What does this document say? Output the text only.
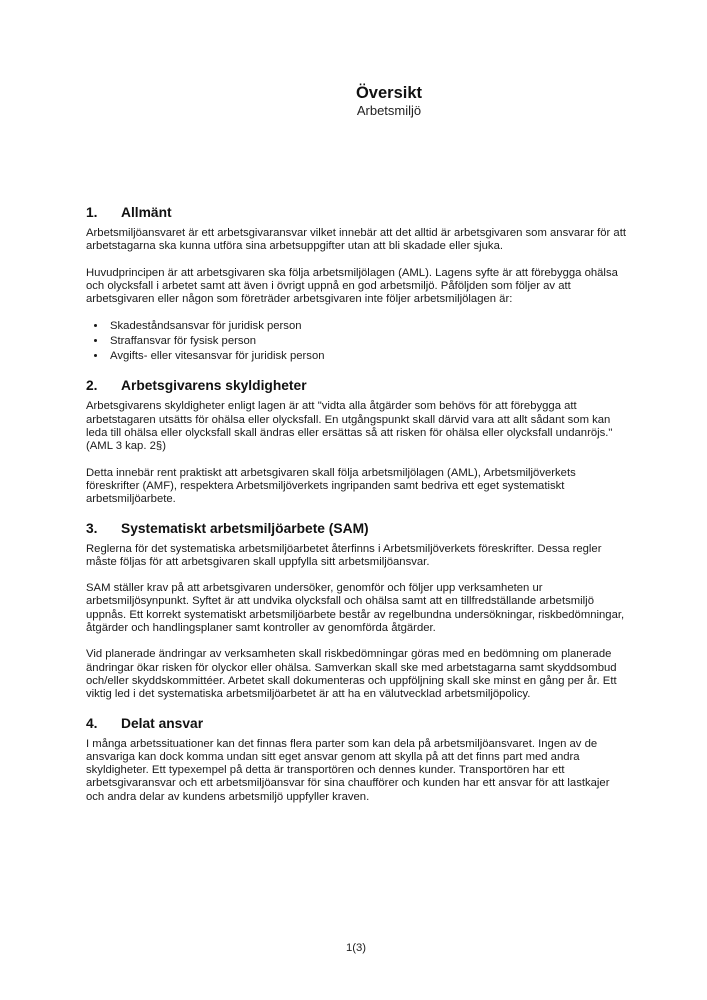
Översikt
Arbetsmiljö
1. Allmänt

Arbetsmiljöansvaret är ett arbetsgivaransvar vilket innebär att det alltid är arbetsgivaren som ansvarar för att arbetstagarna ska kunna utföra sina arbetsuppgifter utan att bli skadade eller sjuka.

Huvudprincipen är att arbetsgivaren ska följa arbetsmiljölagen (AML). Lagens syfte är att förebygga ohälsa och olycksfall i arbetet samt att även i övrigt uppnå en god arbetsmiljö. Påföljden som följer av att arbetsgivaren eller någon som företräder arbetsgivaren inte följer arbetsmiljölagen är:

• Skadeståndsansvar för juridisk person
• Straffansvar för fysisk person
• Avgifts- eller vitesansvar för juridisk person
2. Arbetsgivarens skyldigheter

Arbetsgivarens skyldigheter enligt lagen är att "vidta alla åtgärder som behövs för att förebygga att arbetstagaren utsätts för ohälsa eller olycksfall. En utgångspunkt skall därvid vara att allt sådant som kan leda till ohälsa eller olycksfall skall ändras eller ersättas så att risken för ohälsa eller olycksfall undanröjs." (AML 3 kap. 2§)

Detta innebär rent praktiskt att arbetsgivaren skall följa arbetsmiljölagen (AML), Arbetsmiljöverkets föreskrifter (AMF), respektera Arbetsmiljöverkets ingripanden samt bedriva ett eget systematiskt arbetsmiljöarbete.

3. Systematiskt arbetsmiljöarbete (SAM)

Reglerna för det systematiska arbetsmiljöarbetet återfinns i Arbetsmiljöverkets föreskrifter. Dessa regler måste följas för att arbetsgivaren skall uppfylla sitt arbetsmiljöansvar.

SAM ställer krav på att arbetsgivaren undersöker, genomför och följer upp verksamheten ur arbetsmiljösynpunkt. Syftet är att undvika olycksfall och ohälsa samt att en tillfredställande arbetsmiljö uppnås. Ett korrekt systematiskt arbetsmiljöarbete består av regelbundna undersökningar, riskbedömningar, åtgärder och handlingsplaner samt kontroller av genomförda åtgärder.

Vid planerade ändringar av verksamheten skall riskbedömningar göras med en bedömning om planerade ändringar ökar risken för olyckor eller ohälsa. Samverkan skall ske med arbetstagarna samt skyddsombud och/eller skyddskommittéer. Arbetet skall dokumenteras och uppföljning skall ske minst en gång per år. Ett viktig led i det systematiska arbetsmiljöarbetet är att ha en välutvecklad arbetsmiljöpolicy.

4. Delat ansvar

I många arbetssituationer kan det finnas flera parter som kan dela på arbetsmiljöansvaret. Ingen av de ansvariga kan dock komma undan sitt eget ansvar genom att skylla på att det finns part med andra skyldigheter. Ett typexempel på detta är transportören och dennes kunder. Transportören har ett arbetsgivaransvar och ett arbetsmiljöansvar för sina chaufförer och kunden har ett ansvar för att lastkajer och andra delar av kundens arbetsmiljö uppfyller kraven.

1(3)
